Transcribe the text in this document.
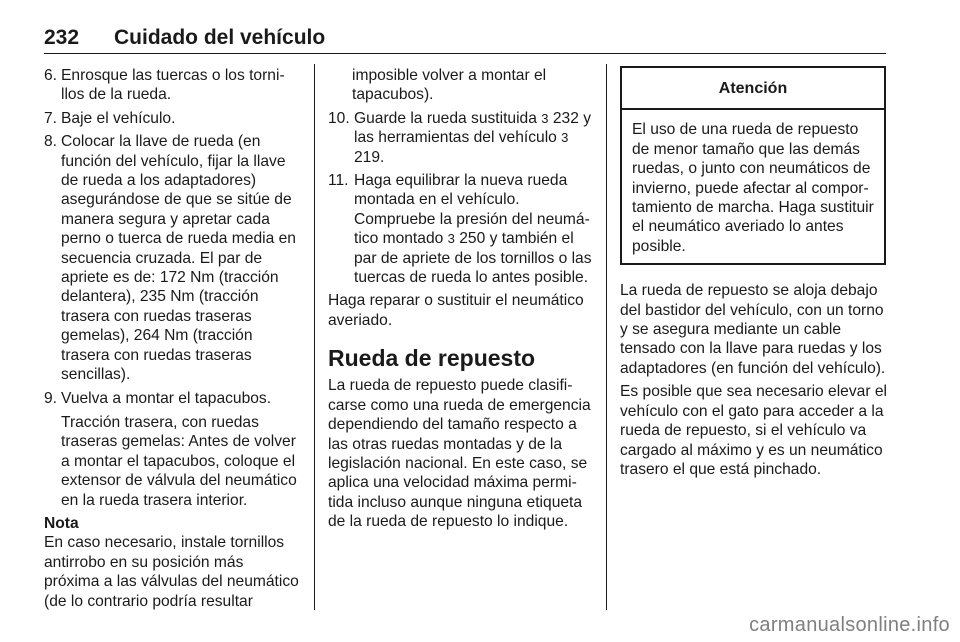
232 Cuidado del vehículo
6. Enrosque las tuercas o los tornillos de la rueda.
7. Baje el vehículo.
8. Colocar la llave de rueda (en función del vehículo, fijar la llave de rueda a los adaptadores) asegurándose de que se sitúe de manera segura y apretar cada perno o tuerca de rueda media en secuencia cruzada. El par de apriete es de: 172 Nm (tracción delantera), 235 Nm (tracción trasera con ruedas traseras gemelas), 264 Nm (tracción trasera con ruedas traseras sencillas).
9. Vuelva a montar el tapacubos.
Tracción trasera, con ruedas traseras gemelas: Antes de volver a montar el tapacubos, coloque el extensor de válvula del neumático en la rueda trasera interior.
Nota
En caso necesario, instale tornillos antirrobo en su posición más próxima a las válvulas del neumático (de lo contrario podría resultar
imposible volver a montar el tapacubos).
10. Guarde la rueda sustituida 3 232 y las herramientas del vehículo 3 219.
11. Haga equilibrar la nueva rueda montada en el vehículo.
Compruebe la presión del neumático montado 3 250 y también el par de apriete de los tornillos o las tuercas de rueda lo antes posible.
Haga reparar o sustituir el neumático averiado.
Rueda de repuesto
La rueda de repuesto puede clasificarse como una rueda de emergencia dependiendo del tamaño respecto a las otras ruedas montadas y de la legislación nacional. En este caso, se aplica una velocidad máxima permitida incluso aunque ninguna etiqueta de la rueda de repuesto lo indique.
Atención
El uso de una rueda de repuesto de menor tamaño que las demás ruedas, o junto con neumáticos de invierno, puede afectar al comportamiento de marcha. Haga sustituir el neumático averiado lo antes posible.
La rueda de repuesto se aloja debajo del bastidor del vehículo, con un torno y se asegura mediante un cable tensado con la llave para ruedas y los adaptadores (en función del vehículo).
Es posible que sea necesario elevar el vehículo con el gato para acceder a la rueda de repuesto, si el vehículo va cargado al máximo y es un neumático trasero el que está pinchado.
carmanualsonline.info
